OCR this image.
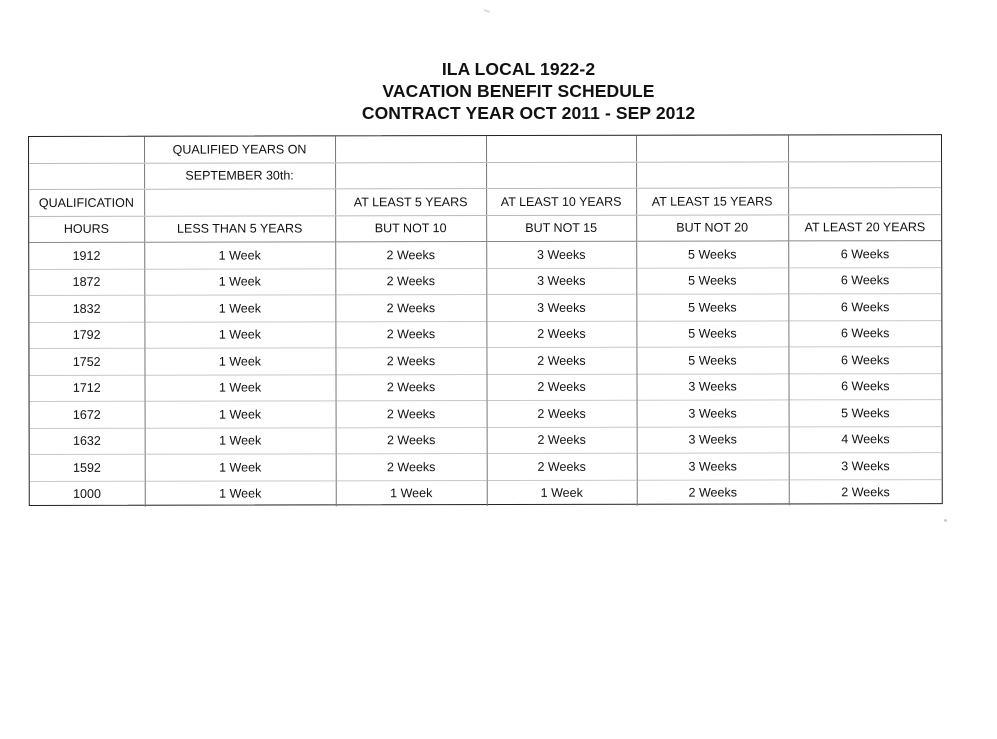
ILA LOCAL 1922-2
VACATION BENEFIT SCHEDULE
CONTRACT YEAR OCT 2011 - SEP 2012
	QUALIFIED YEARS ON				
	SEPTEMBER 30th:				
QUALIFICATION		AT LEAST 5 YEARS	AT LEAST 10 YEARS	AT LEAST 15 YEARS	
HOURS	LESS THAN 5 YEARS	BUT NOT 10	BUT NOT 15	BUT NOT 20	AT LEAST 20 YEARS
1912	1 Week	2 Weeks	3 Weeks	5 Weeks	6 Weeks
1872	1 Week	2 Weeks	3 Weeks	5 Weeks	6 Weeks
1832	1 Week	2 Weeks	3 Weeks	5 Weeks	6 Weeks
1792	1 Week	2 Weeks	2 Weeks	5 Weeks	6 Weeks
1752	1 Week	2 Weeks	2 Weeks	5 Weeks	6 Weeks
1712	1 Week	2 Weeks	2 Weeks	3 Weeks	6 Weeks
1672	1 Week	2 Weeks	2 Weeks	3 Weeks	5 Weeks
1632	1 Week	2 Weeks	2 Weeks	3 Weeks	4 Weeks
1592	1 Week	2 Weeks	2 Weeks	3 Weeks	3 Weeks
1000	1 Week	1 Week	1 Week	2 Weeks	2 Weeks
